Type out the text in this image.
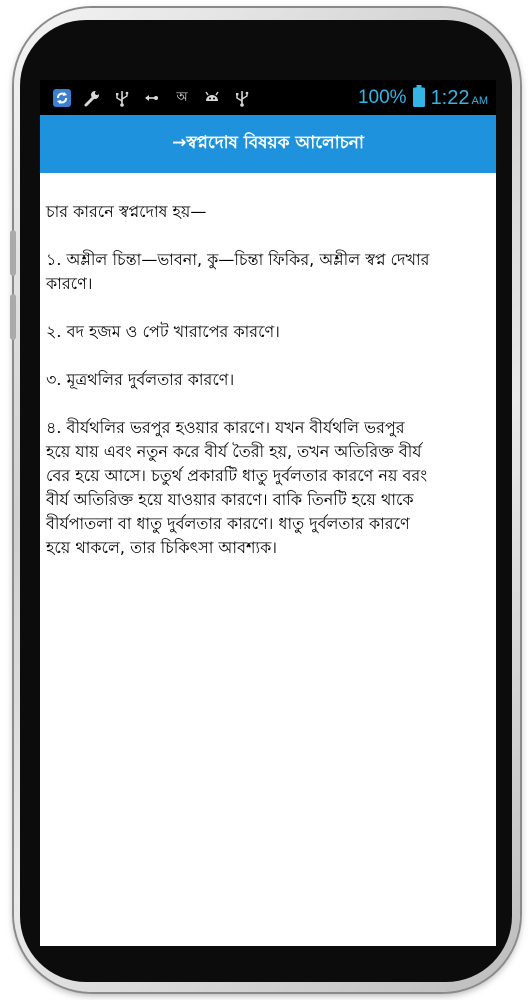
অ	100% 1:22 AM
→স্বপ্নদোষ বিষয়ক আলোচনা

চার কারনে স্বপ্নদোষ হয়—

১. অশ্লীল চিন্তা—ভাবনা, কু—চিন্তা ফিকির, অশ্লীল স্বপ্ন দেখার

কারণে।

২. বদ হজম ও পেট খারাপের কারণে।

৩. মূত্রথলির দুর্বলতার কারণে।

৪. বীর্যথলির ভরপুর হওয়ার কারণে। যখন বীর্যথলি ভরপুর

হয়ে যায় এবং নতুন করে বীর্য তৈরী হয়, তখন অতিরিক্ত বীর্য

বের হয়ে আসে। চতুর্থ প্রকারটি ধাতু দুর্বলতার কারণে নয় বরং

বীর্য অতিরিক্ত হয়ে যাওয়ার কারণে। বাকি তিনটি হয়ে থাকে

বীর্যপাতলা বা ধাতু দুর্বলতার কারণে। ধাতু দুর্বলতার কারণে

হয়ে থাকলে, তার চিকিৎসা আবশ্যক।
